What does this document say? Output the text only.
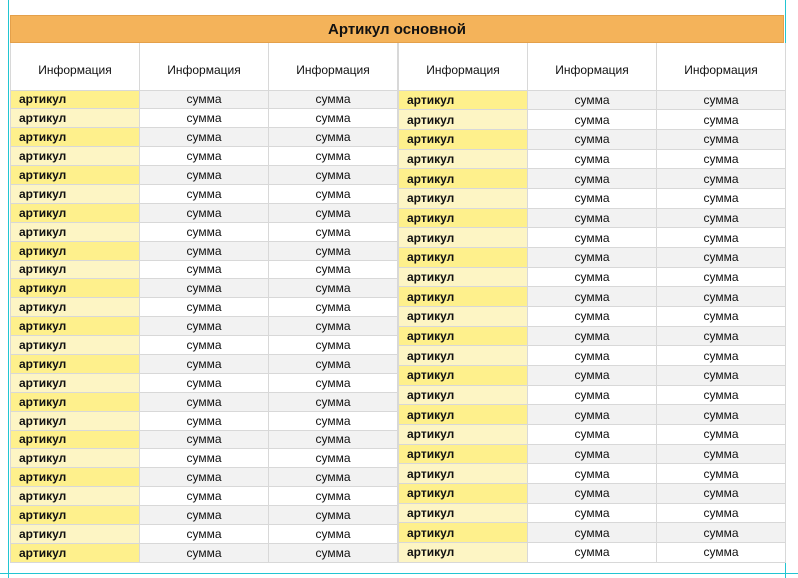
Артикул основной
Информация	Информация	Информация
артикул	сумма	сумма
артикул	сумма	сумма
артикул	сумма	сумма
артикул	сумма	сумма
артикул	сумма	сумма
артикул	сумма	сумма
артикул	сумма	сумма
артикул	сумма	сумма
артикул	сумма	сумма
артикул	сумма	сумма
артикул	сумма	сумма
артикул	сумма	сумма
артикул	сумма	сумма
артикул	сумма	сумма
артикул	сумма	сумма
артикул	сумма	сумма
артикул	сумма	сумма
артикул	сумма	сумма
артикул	сумма	сумма
артикул	сумма	сумма
артикул	сумма	сумма
артикул	сумма	сумма
артикул	сумма	сумма
артикул	сумма	сумма
артикул	сумма	сумма
Информация	Информация	Информация
артикул	сумма	сумма
артикул	сумма	сумма
артикул	сумма	сумма
артикул	сумма	сумма
артикул	сумма	сумма
артикул	сумма	сумма
артикул	сумма	сумма
артикул	сумма	сумма
артикул	сумма	сумма
артикул	сумма	сумма
артикул	сумма	сумма
артикул	сумма	сумма
артикул	сумма	сумма
артикул	сумма	сумма
артикул	сумма	сумма
артикул	сумма	сумма
артикул	сумма	сумма
артикул	сумма	сумма
артикул	сумма	сумма
артикул	сумма	сумма
артикул	сумма	сумма
артикул	сумма	сумма
артикул	сумма	сумма
артикул	сумма	сумма
